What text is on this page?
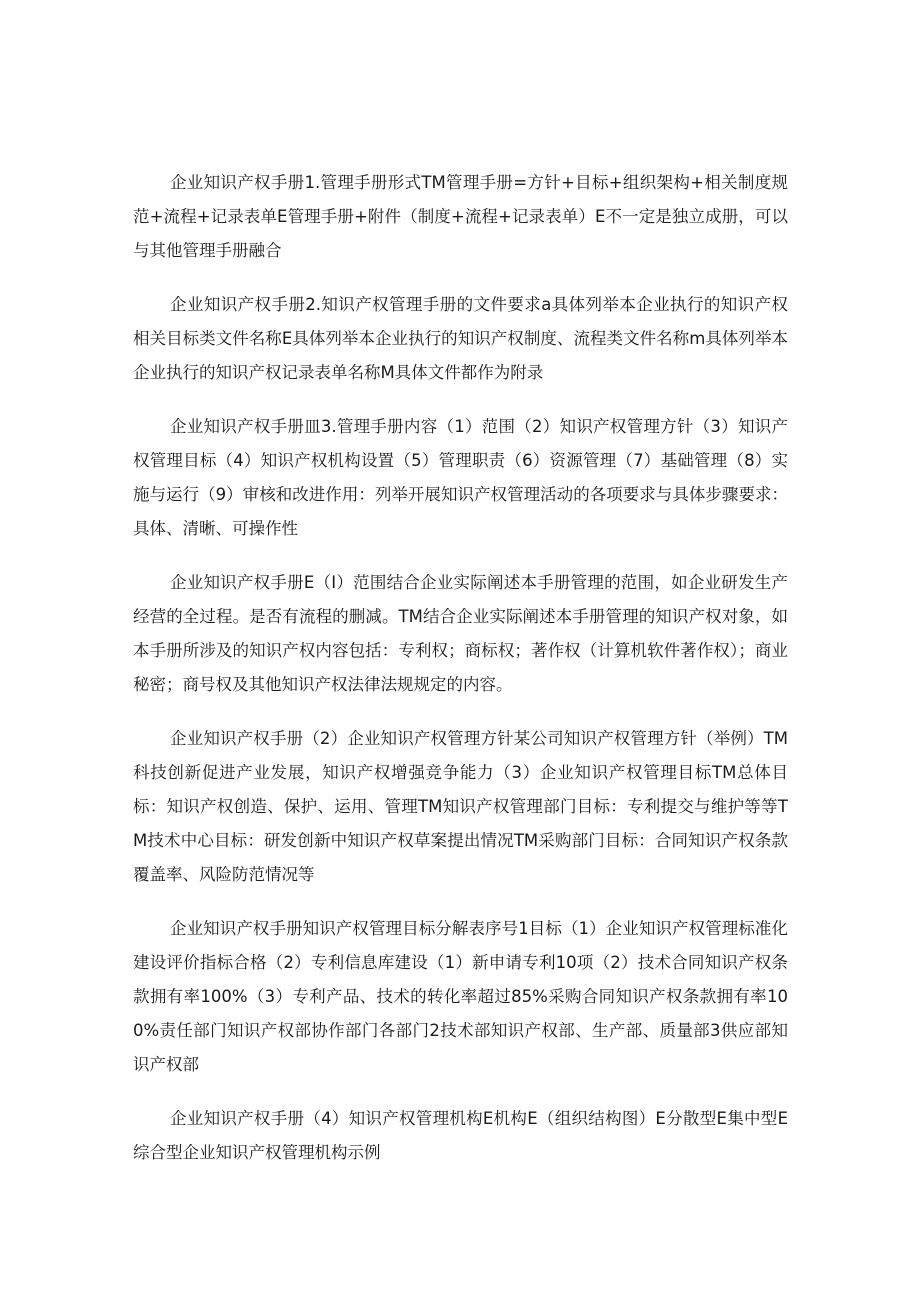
企业知识产权手册1.管理手册形式TM管理手册=方针+目标+组织架构+相关制度规范+流程+记录表单E管理手册+附件（制度+流程+记录表单）E不一定是独立成册，可以与其他管理手册融合

企业知识产权手册2.知识产权管理手册的文件要求a具体列举本企业执行的知识产权相关目标类文件名称E具体列举本企业执行的知识产权制度、流程类文件名称m具体列举本企业执行的知识产权记录表单名称M具体文件都作为附录

企业知识产权手册皿3.管理手册内容（1）范围（2）知识产权管理方针（3）知识产权管理目标（4）知识产权机构设置（5）管理职责（6）资源管理（7）基础管理（8）实施与运行（9）审核和改进作用：列举开展知识产权管理活动的各项要求与具体步骤要求：具体、清晰、可操作性

企业知识产权手册E（I）范围结合企业实际阐述本手册管理的范围，如企业研发生产经营的全过程。是否有流程的删减。TM结合企业实际阐述本手册管理的知识产权对象，如本手册所涉及的知识产权内容包括：专利权；商标权；著作权（计算机软件著作权）；商业秘密；商号权及其他知识产权法律法规规定的内容。

企业知识产权手册（2）企业知识产权管理方针某公司知识产权管理方针（举例）TM科技创新促进产业发展，知识产权增强竞争能力（3）企业知识产权管理目标TM总体目标：知识产权创造、保护、运用、管理TM知识产权管理部门目标：专利提交与维护等等TM技术中心目标：研发创新中知识产权草案提出情况TM采购部门目标：合同知识产权条款覆盖率、风险防范情况等

企业知识产权手册知识产权管理目标分解表序号1目标（1）企业知识产权管理标准化建设评价指标合格（2）专利信息库建设（1）新申请专利10项（2）技术合同知识产权条款拥有率100%（3）专利产品、技术的转化率超过85%采购合同知识产权条款拥有率100%责任部门知识产权部协作部门各部门2技术部知识产权部、生产部、质量部3供应部知识产权部

企业知识产权手册（4）知识产权管理机构E机构E（组织结构图）E分散型E集中型E综合型企业知识产权管理机构示例
